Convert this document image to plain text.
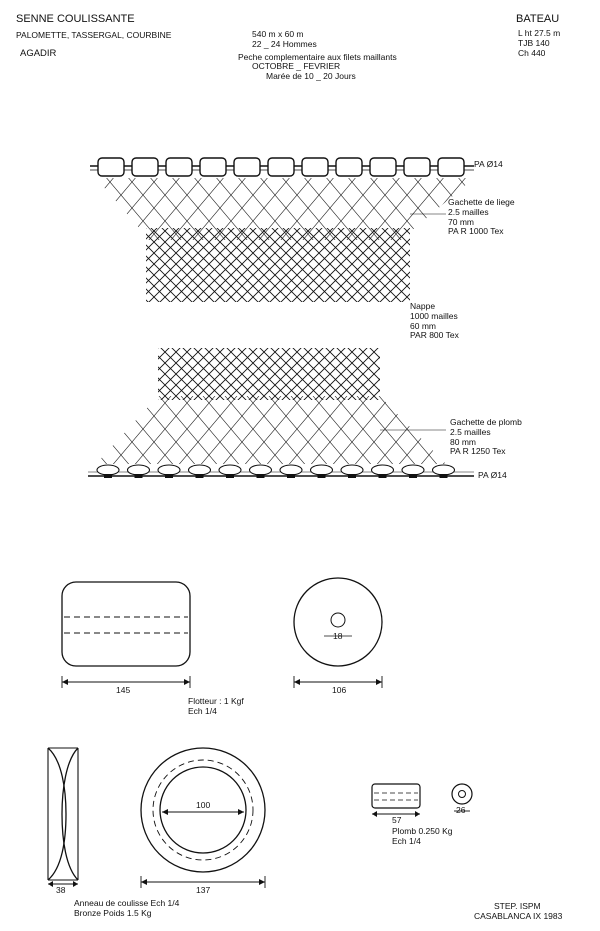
SENNE COULISSANTE
PALOMETTE, TASSERGAL, COURBINE
AGADIR
540 m x 60 m
22 _ 24 Hommes
Peche complementaire aux filets maillants
OCTOBRE _ FEVRIER
Marée de 10 _ 20 Jours
BATEAU
L ht 27.5 m
TJB 140
Ch 440
PA Ø14
Gachette de liege
2.5 mailles
70 mm
PA R 1000 Tex
Nappe
1000 mailles
60 mm
PAR 800 Tex
Gachette de plomb
2.5 mailles
80 mm
PA R 1250 Tex
PA Ø14
145
18
106
Flotteur : 1 Kgf
Ech 1/4
38
100
137
Anneau de coulisse Ech 1/4
Bronze Poids 1.5 Kg
57
26
Plomb 0.250 Kg
Ech 1/4
STEP. ISPM
CASABLANCA IX 1983
